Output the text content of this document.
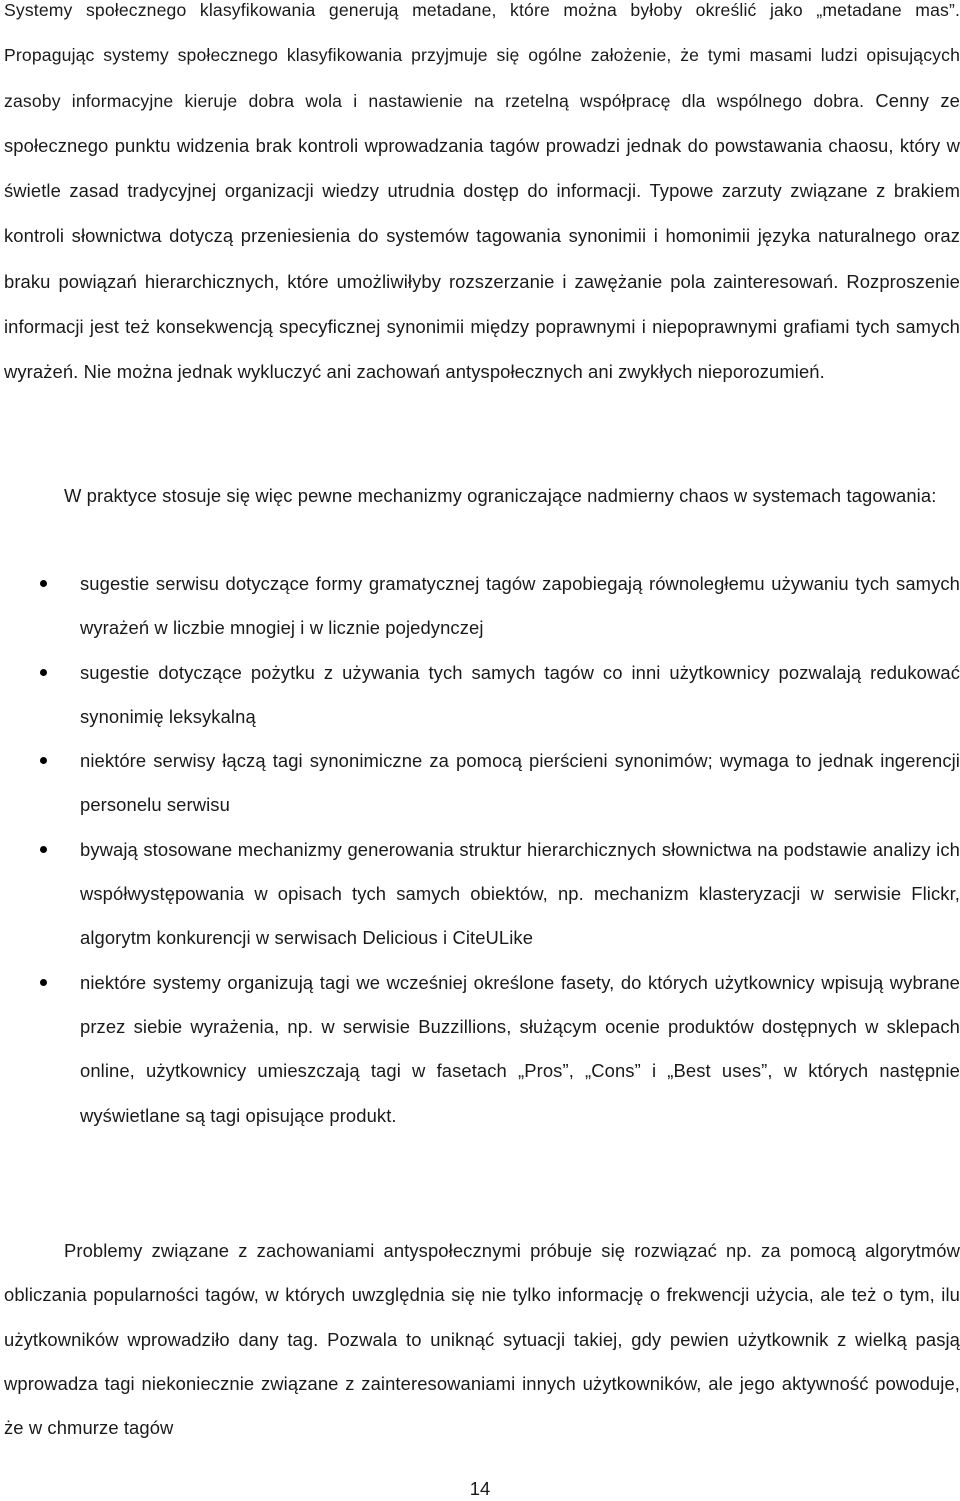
Systemy społecznego klasyfikowania generują metadane, które można byłoby określić jako „metadane mas”. Propagując systemy społecznego klasyfikowania przyjmuje się ogólne założenie, że tymi masami ludzi opisujących zasoby informacyjne kieruje dobra wola i nastawienie na rzetelną współpracę dla wspólnego dobra. Cenny ze społecznego punktu widzenia brak kontroli wprowadzania tagów prowadzi jednak do powstawania chaosu, który w świetle zasad tradycyjnej organizacji wiedzy utrudnia dostęp do informacji. Typowe zarzuty związane z brakiem kontroli słownictwa dotyczą przeniesienia do systemów tagowania synonimii i homonimii języka naturalnego oraz braku powiązań hierarchicznych, które umożliwiłyby rozszerzanie i zawężanie pola zainteresowań. Rozproszenie informacji jest też konsekwencją specyficznej synonimii między poprawnymi i niepoprawnymi grafiami tych samych wyrażeń. Nie można jednak wykluczyć ani zachowań antyspołecznych ani zwykłych nieporozumień.

W praktyce stosuje się więc pewne mechanizmy ograniczające nadmierny chaos w systemach tagowania:

sugestie serwisu dotyczące formy gramatycznej tagów zapobiegają równoległemu używaniu tych samych wyrażeń w liczbie mnogiej i w licznie pojedynczej
sugestie dotyczące pożytku z używania tych samych tagów co inni użytkownicy pozwalają redukować synonimię leksykalną
niektóre serwisy łączą tagi synonimiczne za pomocą pierścieni synonimów; wymaga to jednak ingerencji personelu serwisu
bywają stosowane mechanizmy generowania struktur hierarchicznych słownictwa na podstawie analizy ich współwystępowania w opisach tych samych obiektów, np. mechanizm klasteryzacji w serwisie Flickr, algorytm konkurencji w serwisach Delicious i CiteULike
niektóre systemy organizują tagi we wcześniej określone fasety, do których użytkownicy wpisują wybrane przez siebie wyrażenia, np. w serwisie Buzzillions, służącym ocenie produktów dostępnych w sklepach online, użytkownicy umieszczają tagi w fasetach „Pros”, „Cons” i „Best uses”, w których następnie wyświetlane są tagi opisujące produkt.

Problemy związane z zachowaniami antyspołecznymi próbuje się rozwiązać np. za pomocą algorytmów obliczania popularności tagów, w których uwzględnia się nie tylko informację o frekwencji użycia, ale też o tym, ilu użytkowników wprowadziło dany tag. Pozwala to uniknąć sytuacji takiej, gdy pewien użytkownik z wielką pasją wprowadza tagi niekoniecznie związane z zainteresowaniami innych użytkowników, ale jego aktywność powoduje, że w chmurze tagów

14
